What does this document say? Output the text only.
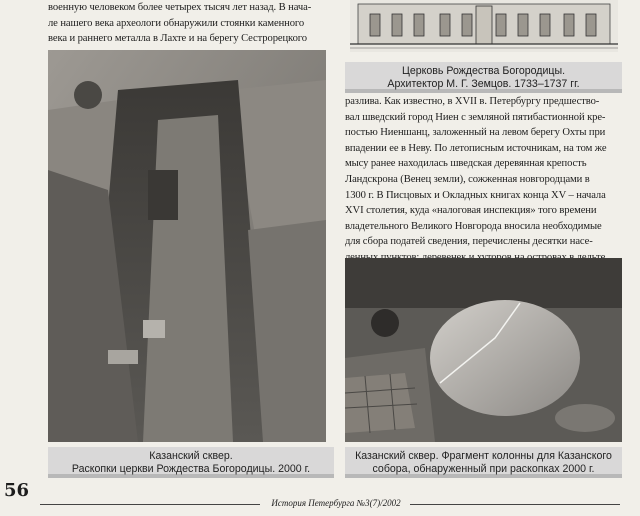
военную человеком более четырех тысяч лет назад. В нача-
ле нашего века археологи обнаружили стоянки каменного
века и раннего металла в Лахте и на берегу Сестрорецкого
Церковь Рождества Богородицы.
Архитектор М. Г. Земцов. 1733–1737 гг.
Казанский сквер.
Раскопки церкви Рождества Богородицы. 2000 г.
разлива. Как известно, в XVII в. Петербургу предшество-
вал шведский город Ниен с земляной пятибастионной кре-
постью Ниеншанц, заложенный на левом берегу Охты при
впадении ее в Неву. По летописным источникам, на том же
мысу ранее находилась шведская деревянная крепость
Ландскрона (Венец земли), сожженная новгородцами в
1300 г. В Писцовых и Окладных книгах конца XV – начала
XVI столетия, куда «налоговая инспекция» того времени
владетельного Великого Новгорода вносила необходимые
для сбора податей сведения, перечислены десятки насе-
Казанский сквер. Фрагмент колонны для Казанского
собора, обнаруженный при раскопках 2000 г.
56
История Петербурга №3(7)/2002
